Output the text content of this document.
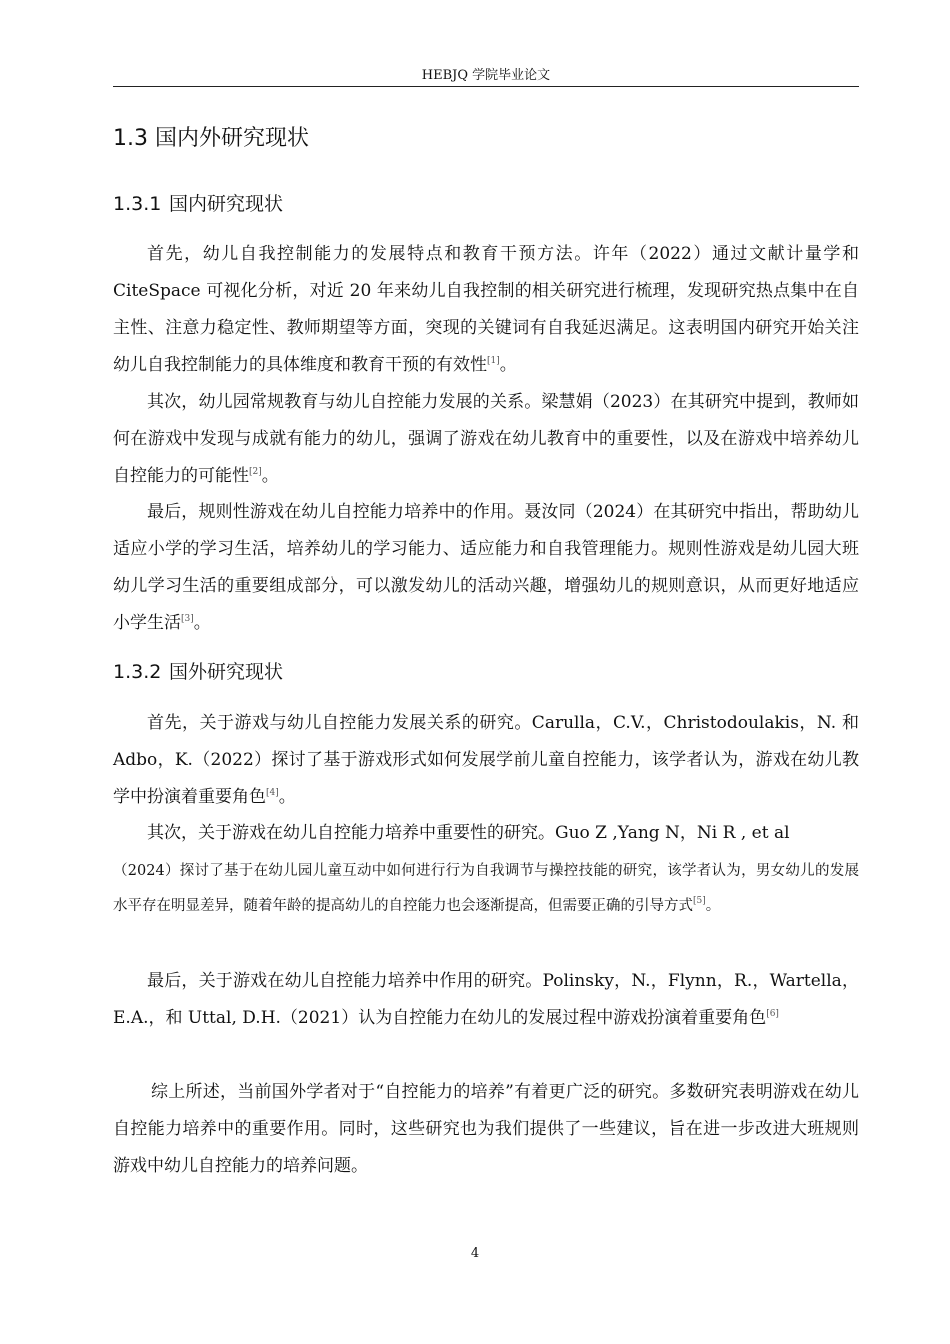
HEBJQ 学院毕业论文
1.3 国内外研究现状
1.3.1 国内研究现状

首先，幼儿自我控制能力的发展特点和教育干预方法。许年（2022）通过文献计量学和 CiteSpace 可视化分析，对近 20 年来幼儿自我控制的相关研究进行梳理，发现研究热点集中在自主性、注意力稳定性、教师期望等方面，突现的关键词有自我延迟满足。这表明国内研究开始关注幼儿自我控制能力的具体维度和教育干预的有效性[1]。

其次，幼儿园常规教育与幼儿自控能力发展的关系。梁慧娟（2023）在其研究中提到，教师如何在游戏中发现与成就有能力的幼儿，强调了游戏在幼儿教育中的重要性，以及在游戏中培养幼儿自控能力的可能性[2]。

最后，规则性游戏在幼儿自控能力培养中的作用。聂汝同（2024）在其研究中指出，帮助幼儿适应小学的学习生活，培养幼儿的学习能力、适应能力和自我管理能力。规则性游戏是幼儿园大班幼儿学习生活的重要组成部分，可以激发幼儿的活动兴趣，增强幼儿的规则意识，从而更好地适应小学生活[3]。

1.3.2 国外研究现状

首先，关于游戏与幼儿自控能力发展关系的研究。Carulla，C.V.，Christodoulakis，N. 和 Adbo，K.（2022）探讨了基于游戏形式如何发展学前儿童自控能力，该学者认为，游戏在幼儿教学中扮演着重要角色[4]。

其次，关于游戏在幼儿自控能力培养中重要性的研究。Guo Z ,Yang N，Ni R , et al

（2024）探讨了基于在幼儿园儿童互动中如何进行行为自我调节与操控技能的研究，该学者认为，男女幼儿的发展水平存在明显差异，随着年龄的提高幼儿的自控能力也会逐渐提高，但需要正确的引导方式[5]。

最后，关于游戏在幼儿自控能力培养中作用的研究。Polinsky，N.，Flynn，R.，Wartella，E.A.，和 Uttal, D.H.（2021）认为自控能力在幼儿的发展过程中游戏扮演着重要角色[6]

综上所述，当前国外学者对于“自控能力的培养”有着更广泛的研究。多数研究表明游戏在幼儿自控能力培养中的重要作用。同时，这些研究也为我们提供了一些建议，旨在进一步改进大班规则游戏中幼儿自控能力的培养问题。

4
